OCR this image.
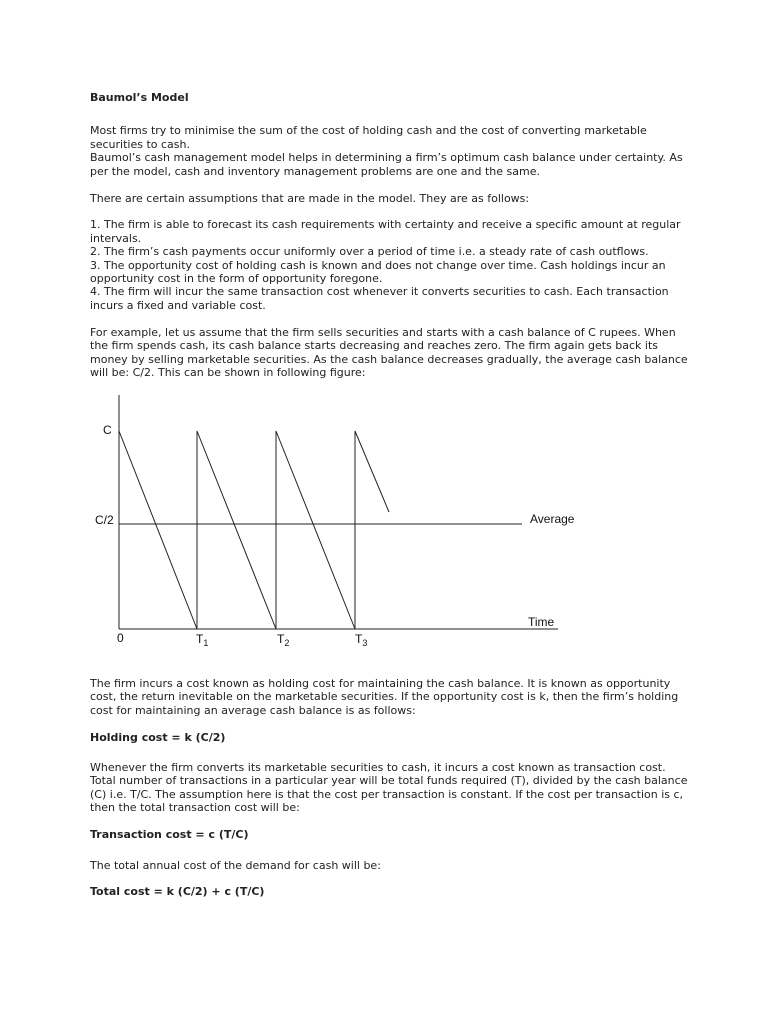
Baumol’s Model
Most firms try to minimise the sum of the cost of holding cash and the cost of converting marketable
securities to cash.
Baumol’s cash management model helps in determining a firm’s optimum cash balance under certainty. As
per the model, cash and inventory management problems are one and the same.
There are certain assumptions that are made in the model. They are as follows:
1. The firm is able to forecast its cash requirements with certainty and receive a specific amount at regular
intervals.
2. The firm’s cash payments occur uniformly over a period of time i.e. a steady rate of cash outflows.
3. The opportunity cost of holding cash is known and does not change over time. Cash holdings incur an
opportunity cost in the form of opportunity foregone.
4. The firm will incur the same transaction cost whenever it converts securities to cash. Each transaction
incurs a fixed and variable cost.
For example, let us assume that the firm sells securities and starts with a cash balance of C rupees. When
the firm spends cash, its cash balance starts decreasing and reaches zero. The firm again gets back its
money by selling marketable securities. As the cash balance decreases gradually, the average cash balance
will be: C/2. This can be shown in following figure:
C
C/2	Average
Time
0	$T_1$	$T_2$	$T_3$
The firm incurs a cost known as holding cost for maintaining the cash balance. It is known as opportunity
cost, the return inevitable on the marketable securities. If the opportunity cost is k, then the firm’s holding
cost for maintaining an average cash balance is as follows:
Holding cost = k (C/2)
Whenever the firm converts its marketable securities to cash, it incurs a cost known as transaction cost.
Total number of transactions in a particular year will be total funds required (T), divided by the cash balance
(C) i.e. T/C. The assumption here is that the cost per transaction is constant. If the cost per transaction is c,
then the total transaction cost will be:
Transaction cost = c (T/C)
The total annual cost of the demand for cash will be:
Total cost = k (C/2) + c (T/C)
